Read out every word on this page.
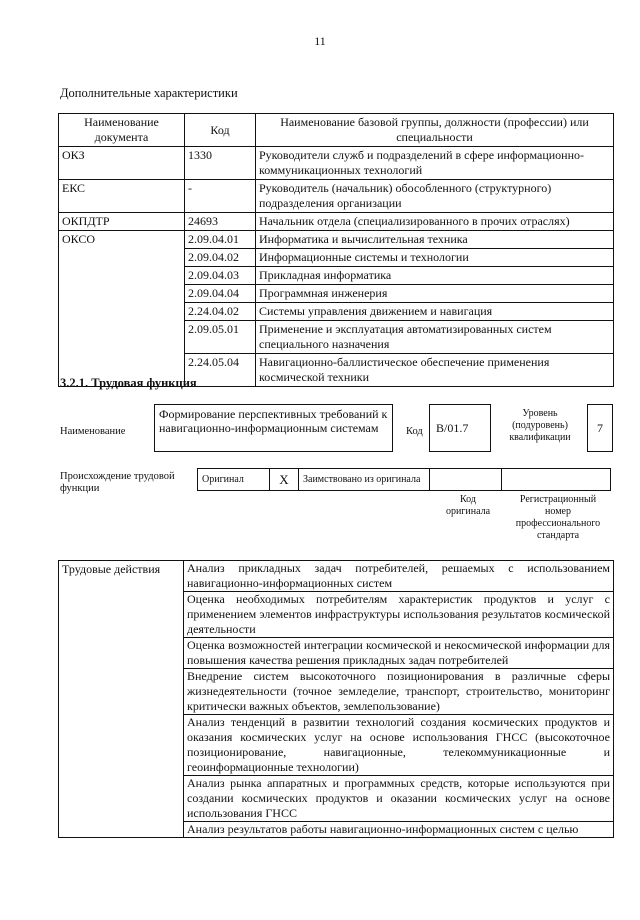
11
Дополнительные характеристики
Наименование документа	Код	Наименование базовой группы, должности (профессии) или специальности
ОКЗ	1330	Руководители служб и подразделений в сфере информационно-коммуникационных технологий
ЕКС	-	Руководитель (начальник) обособленного (структурного) подразделения организации
ОКПДТР	24693	Начальник отдела (специализированного в прочих отраслях)
ОКСО	2.09.04.01	Информатика и вычислительная техника
	2.09.04.02	Информационные системы и технологии
	2.09.04.03	Прикладная информатика
	2.09.04.04	Программная инженерия
	2.24.04.02	Системы управления движением и навигация
	2.09.05.01	Применение и эксплуатация автоматизированных систем специального назначения
	2.24.05.04	Навигационно-баллистическое обеспечение применения космической техники
3.2.1. Трудовая функция
Наименование
Формирование перспективных требований к навигационно-информационным системам	Код	B/01.7
Уровень (подуровень) квалификации
7
Происхождение трудовой функции
Оригинал	X	Заимствовано из оригинала		
Код оригинала
Регистрационный номер профессионального стандарта
Трудовые действия	Анализ прикладных задач потребителей, решаемых с использованием навигационно-информационных систем
Оценка необходимых потребителям характеристик продуктов и услуг с применением элементов инфраструктуры использования результатов космической деятельности
Оценка возможностей интеграции космической и некосмической информации для повышения качества решения прикладных задач потребителей
Внедрение систем высокоточного позиционирования в различные сферы жизнедеятельности (точное земледелие, транспорт, строительство, мониторинг критически важных объектов, землепользование)
Анализ тенденций в развитии технологий создания космических продуктов и оказания космических услуг на основе использования ГНСС (высокоточное позиционирование, навигационные, телекоммуникационные и геоинформационные технологии)
Анализ рынка аппаратных и программных средств, которые используются при создании космических продуктов и оказании космических услуг на основе использования ГНСС
Анализ результатов работы навигационно-информационных систем с целью
